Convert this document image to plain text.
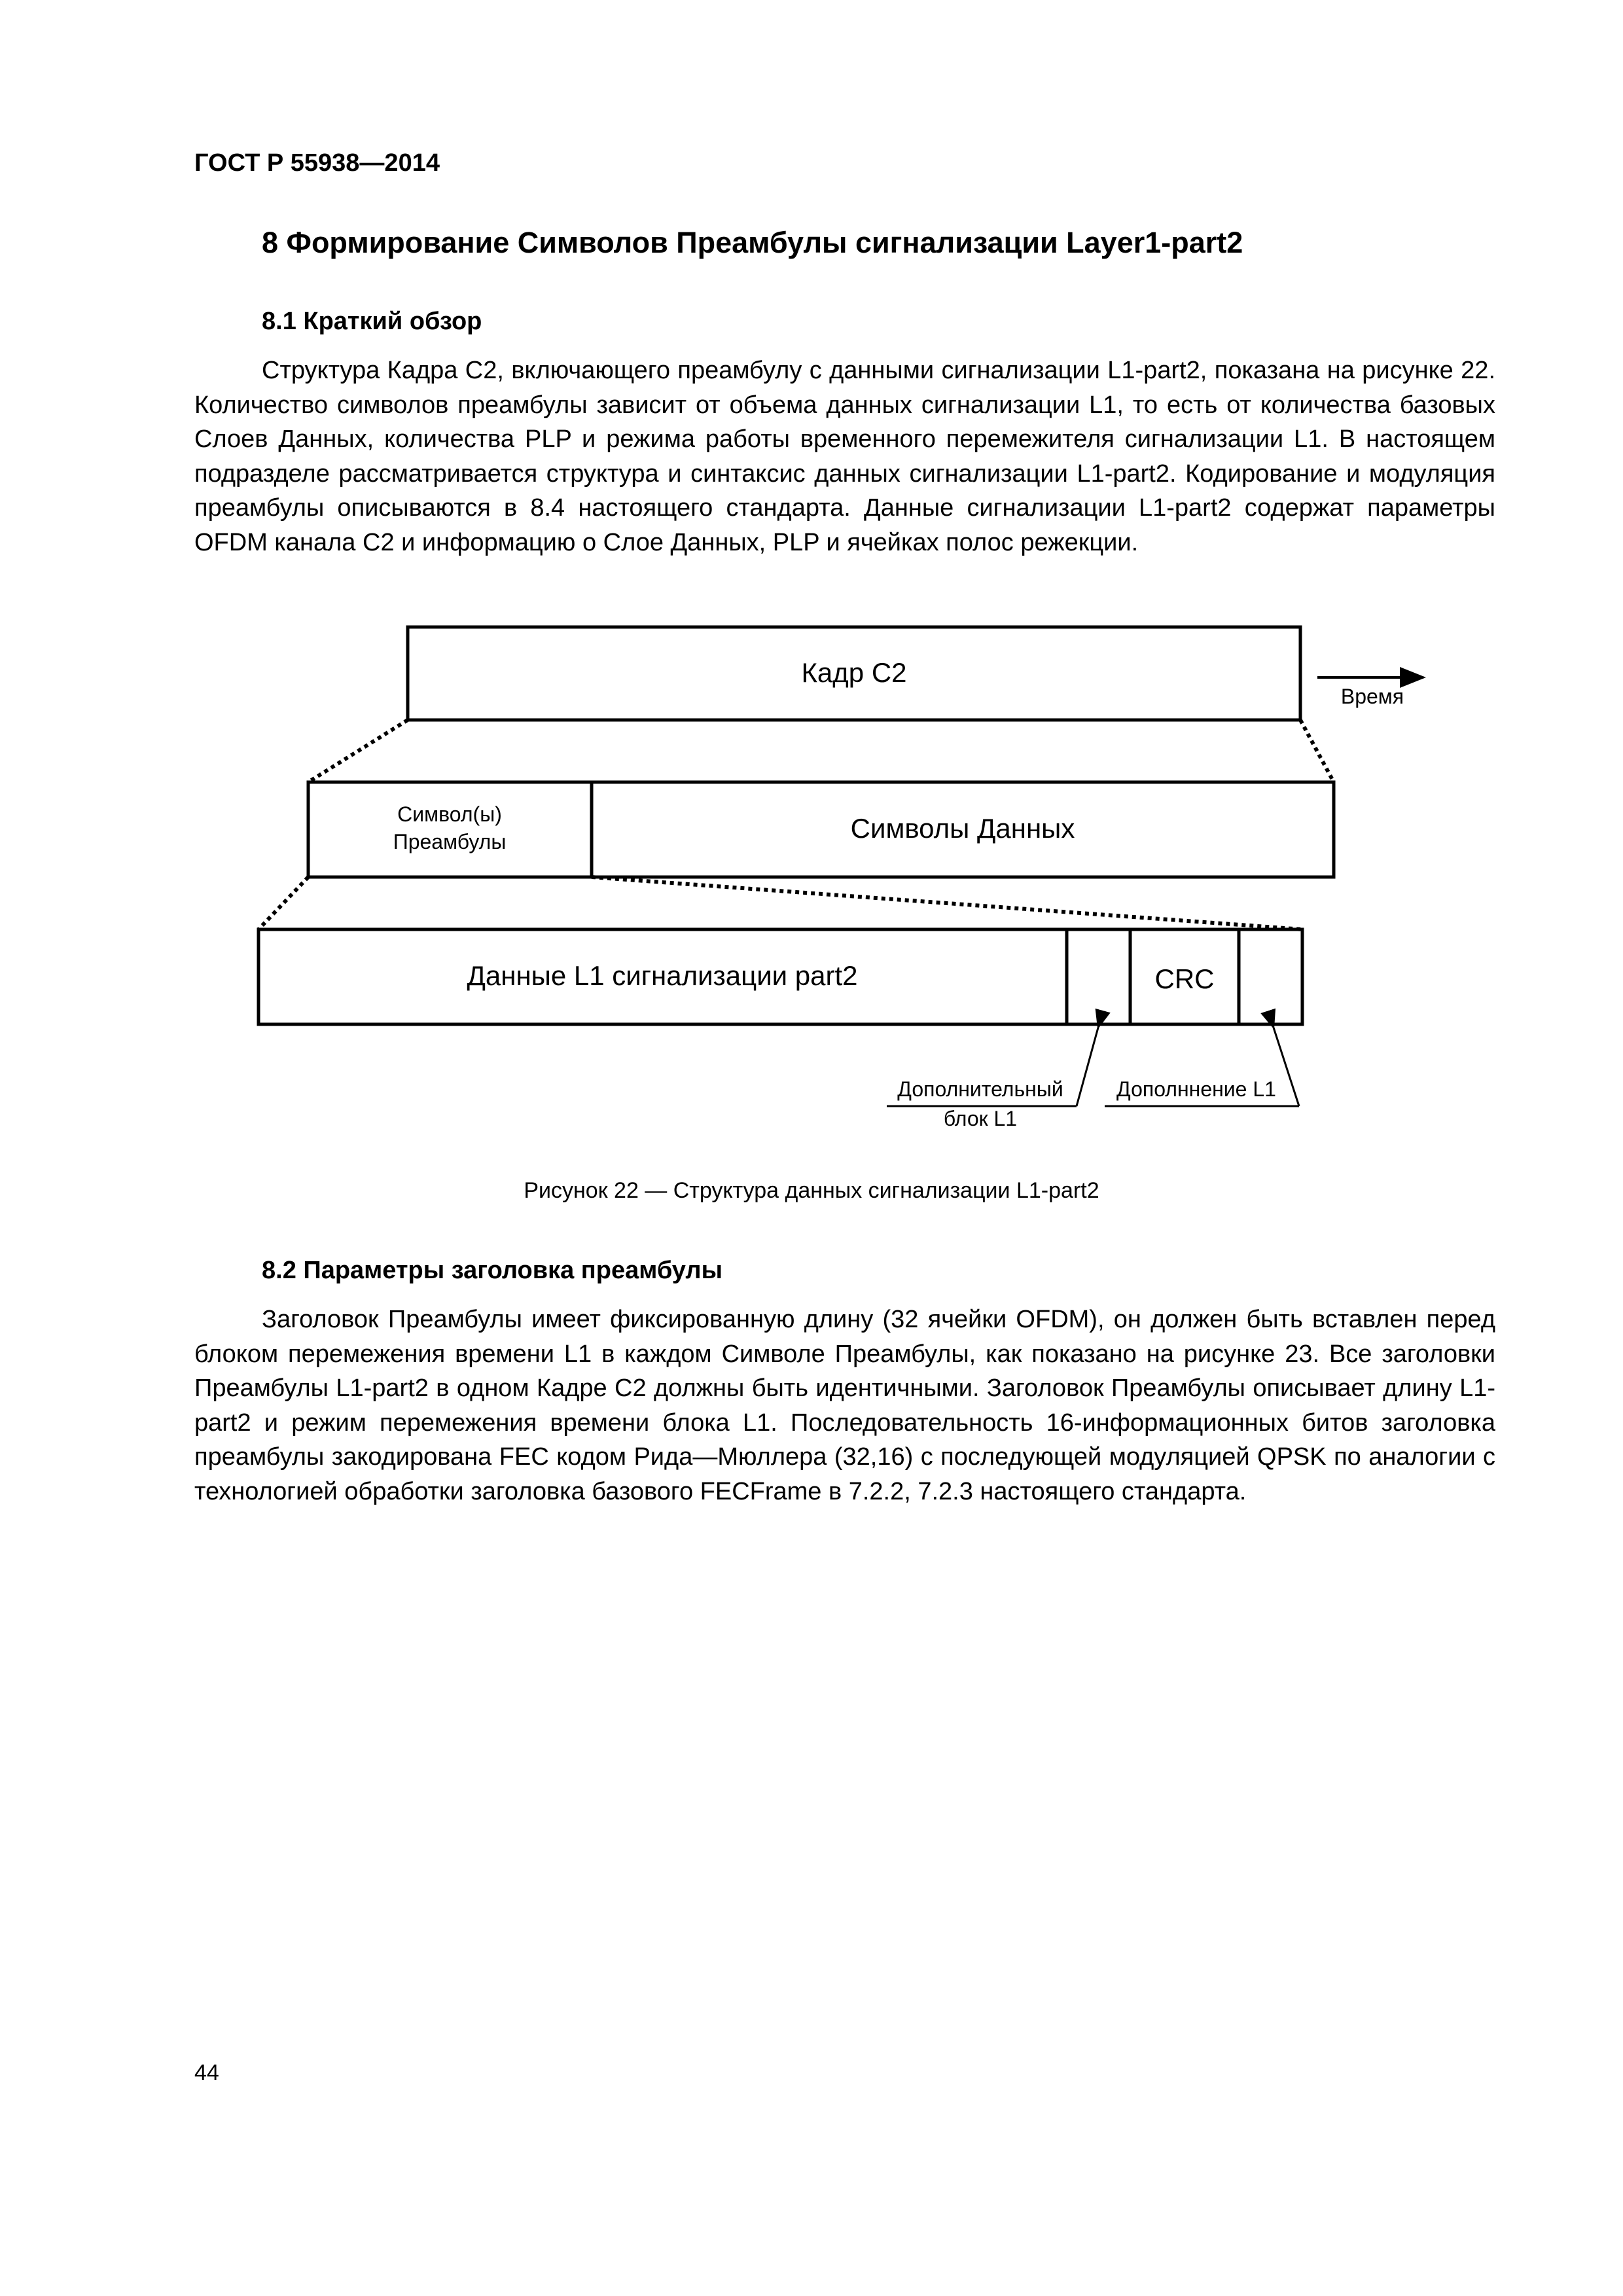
ГОСТ Р 55938—2014
8 Формирование Символов Преамбулы сигнализации Layer1-part2
8.1 Краткий обзор
Структура Кадра С2, включающего преамбулу с данными сигнализации L1-part2, показана на рисунке 22. Количество символов преамбулы зависит от объема данных сигнализации L1, то есть от количества базовых Слоев Данных, количества PLP и режима работы временного перемежителя сигнализации L1. В настоящем подразделе рассматривается структура и синтаксис данных сигнализации L1-part2. Кодирование и модуляция преамбулы описываются в 8.4 настоящего стандарта. Данные сигнализации L1-part2 содержат параметры OFDM канала С2 и информацию о Слое Данных, PLP и ячейках полос режекции.
Кадр С2
Время
Символ(ы)
Преамбулы	Символы Данных
Данные L1 сигнализации part2	CRC
Дополнительный
блок L1
Дополннение L1
Рисунок 22 — Структура данных сигнализации L1-part2
8.2 Параметры заголовка преамбулы
Заголовок Преамбулы имеет фиксированную длину (32 ячейки OFDM), он должен быть вставлен перед блоком перемежения времени L1 в каждом Символе Преамбулы, как показано на рисунке 23. Все заголовки Преамбулы L1-part2 в одном Кадре С2 должны быть идентичными. Заголовок Преамбулы описывает длину L1-part2 и режим перемежения времени блока L1. Последовательность 16-информационных битов заголовка преамбулы закодирована FEC кодом Рида—Мюллера (32,16) с последующей модуляцией QPSK по аналогии с технологией обработки заголовка базового FECFrame в 7.2.2, 7.2.3 настоящего стандарта.
44
